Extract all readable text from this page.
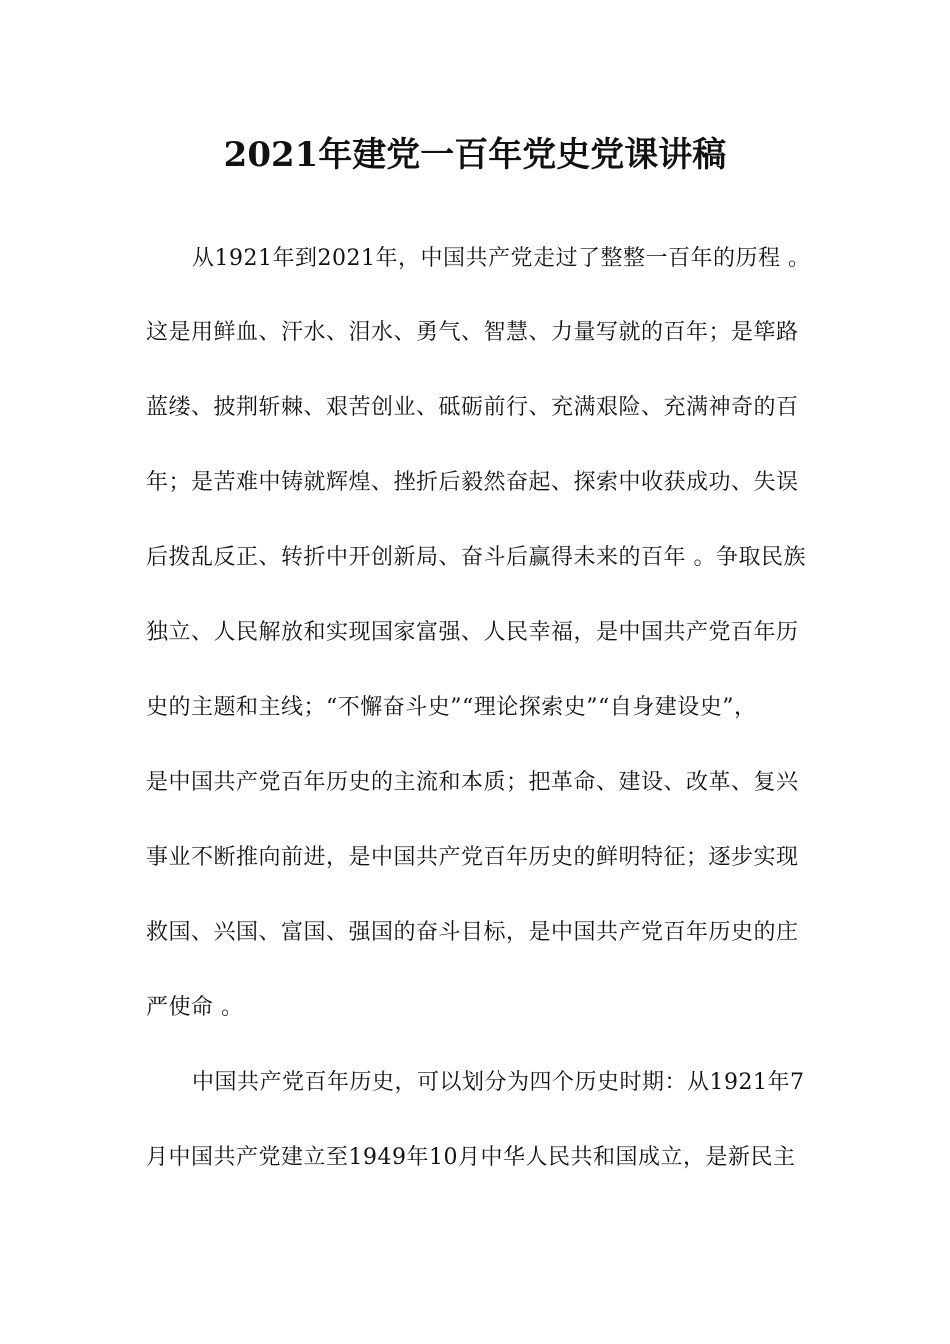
2021年建党一百年党史党课讲稿
从1921年到2021年，中国共产党走过了整整一百年的历程 。
这是用鲜血、汗水、泪水、勇气、智慧、力量写就的百年；是筚路
蓝缕、披荆斩棘、艰苦创业、砥砺前行、充满艰险、充满神奇的百
年；是苦难中铸就辉煌、挫折后毅然奋起、探索中收获成功、失误
后拨乱反正、转折中开创新局、奋斗后赢得未来的百年 。争取民族
独立、人民解放和实现国家富强、人民幸福，是中国共产党百年历
史的主题和主线；“不懈奋斗史”“理论探索史”“自身建设史”，
是中国共产党百年历史的主流和本质；把革命、建设、改革、复兴
事业不断推向前进，是中国共产党百年历史的鲜明特征；逐步实现
救国、兴国、富国、强国的奋斗目标，是中国共产党百年历史的庄
严使命 。
中国共产党百年历史，可以划分为四个历史时期：从1921年7
月中国共产党建立至1949年10月中华人民共和国成立，是新民主
